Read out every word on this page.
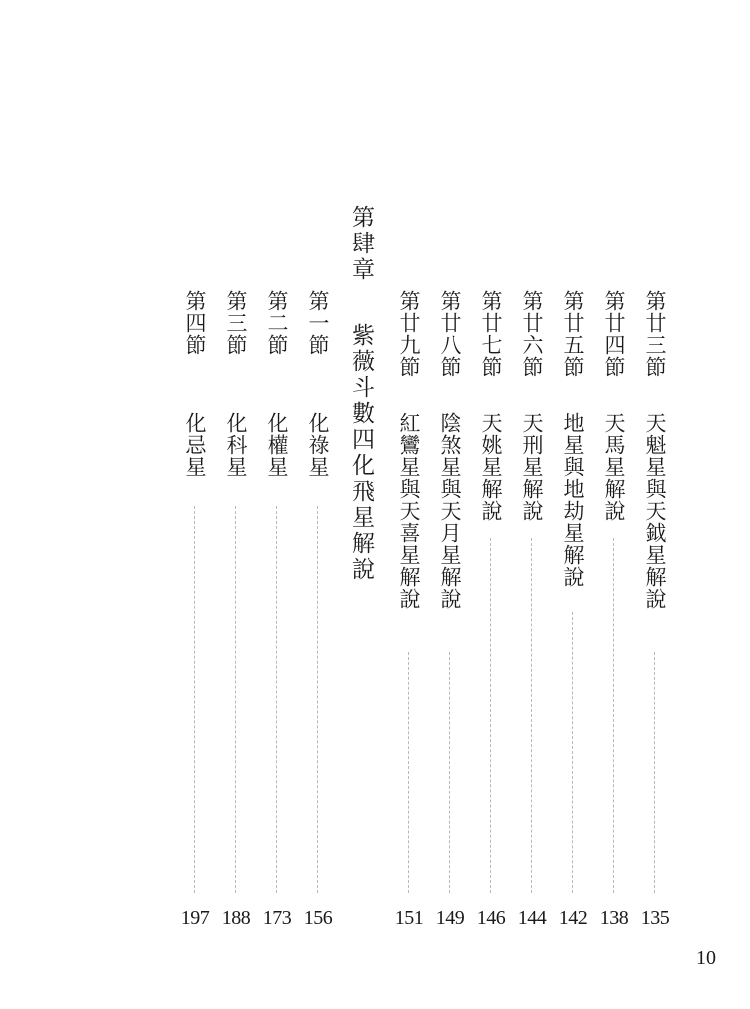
第廿三節
天魁星與天鉞星解說
135
第廿四節
天馬星解說
138
第廿五節
地星與地劫星解說
142
第廿六節
天刑星解說
144
第廿七節
天姚星解說
146
第廿八節
陰煞星與天月星解說
149
第廿九節
紅鸞星與天喜星解說
151
第肆章
紫薇斗數四化飛星解說
第一節
化祿星
156
第二節
化權星
173
第三節
化科星
188
第四節
化忌星
197
10
